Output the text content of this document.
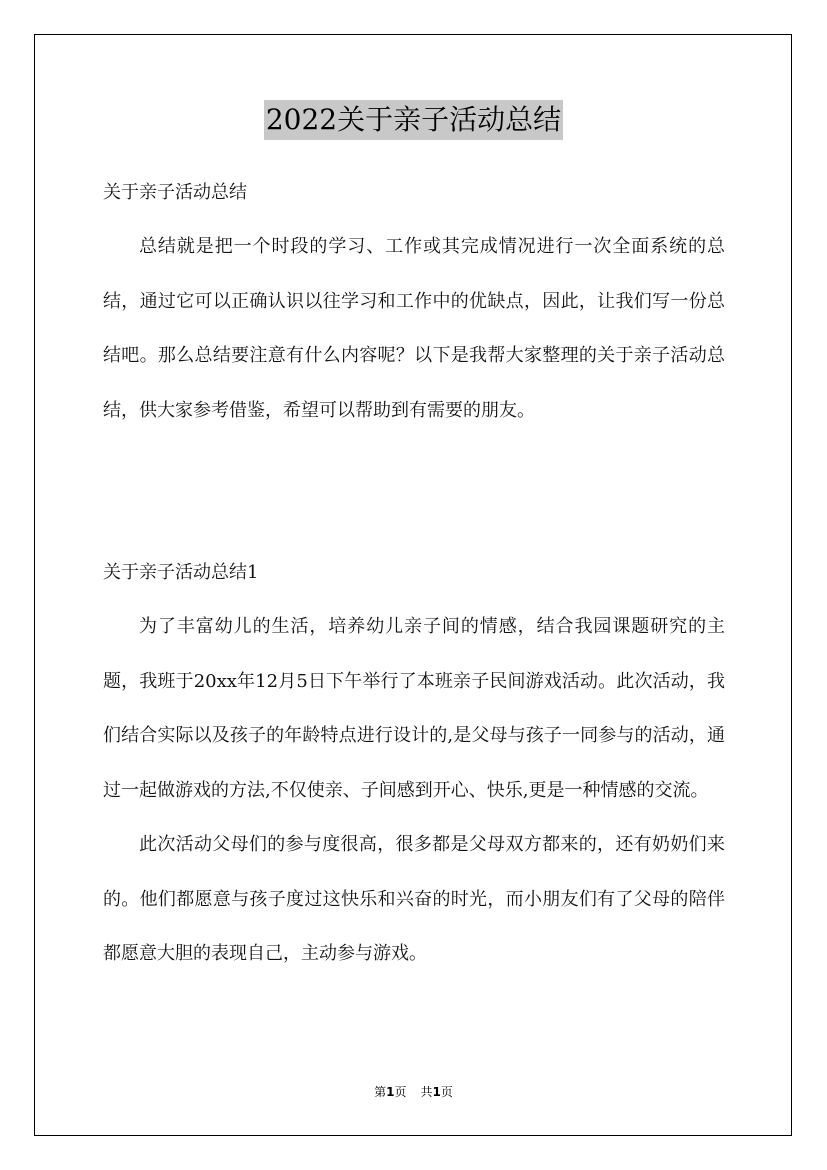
2022关于亲子活动总结
关于亲子活动总结

总结就是把一个时段的学习、工作或其完成情况进行一次全面系统的总结，通过它可以正确认识以往学习和工作中的优缺点，因此，让我们写一份总结吧。那么总结要注意有什么内容呢？以下是我帮大家整理的关于亲子活动总结，供大家参考借鉴，希望可以帮助到有需要的朋友。

关于亲子活动总结1

为了丰富幼儿的生活，培养幼儿亲子间的情感，结合我园课题研究的主题，我班于20xx年12月5日下午举行了本班亲子民间游戏活动。此次活动，我们结合实际以及孩子的年龄特点进行设计的,是父母与孩子一同参与的活动，通过一起做游戏的方法,不仅使亲、子间感到开心、快乐,更是一种情感的交流。

此次活动父母们的参与度很高，很多都是父母双方都来的，还有奶奶们来的。他们都愿意与孩子度过这快乐和兴奋的时光，而小朋友们有了父母的陪伴都愿意大胆的表现自己，主动参与游戏。

第1页 共1页
